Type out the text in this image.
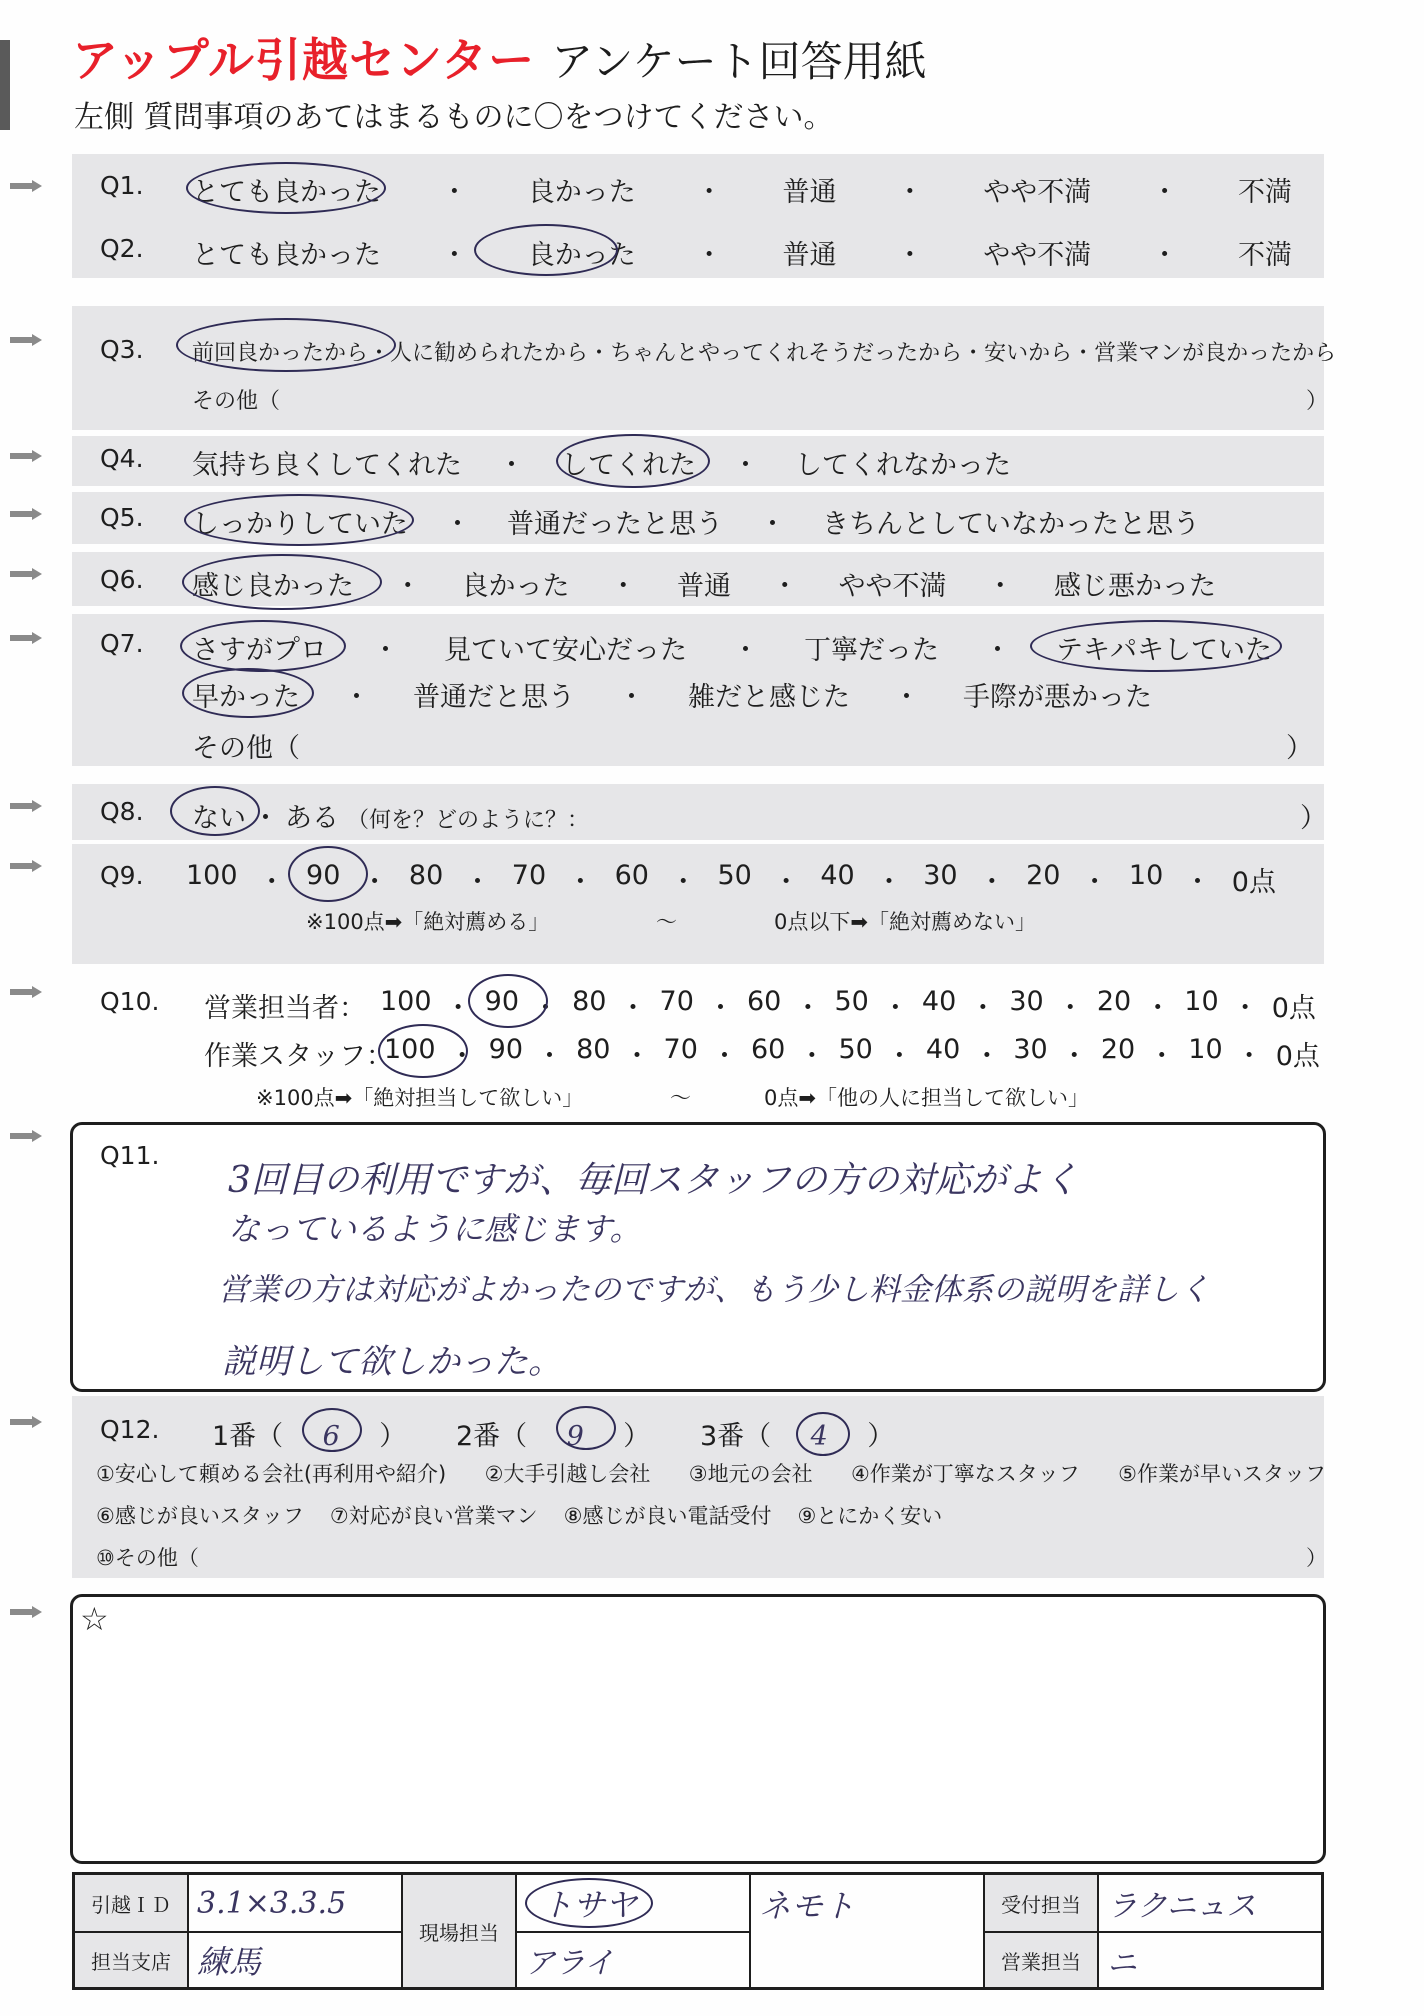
アップル引越センター アンケート回答用紙
左側 質問事項のあてはまるものに〇をつけてください。
Q1. とても良かった ・ 良かった ・ 普通 ・ やや不満 ・ 不満
Q2. とても良かった ・ 良かった ・ 普通 ・ やや不満 ・ 不満
Q3. 前回良かったから・人に勧められたから・ちゃんとやってくれそうだったから・安いから・営業マンが良かったから
その他（	）
Q4. 気持ち良くしてくれた ・ してくれた ・ してくれなかった
Q5. しっかりしていた ・ 普通だったと思う ・ きちんとしていなかったと思う
Q6. 感じ良かった ・ 良かった ・ 普通 ・ やや不満 ・ 感じ悪かった
Q7. さすがプロ ・ 見ていて安心だった ・ 丁寧だった ・ テキパキしていた
早かった ・ 普通だと思う ・ 雑だと感じた ・ 手際が悪かった
その他（	）
Q8. ない ・ ある （何を？どのように？：	）
Q9. 100 ・ 90 ・ 80 ・ 70 ・ 60 ・ 50 ・ 40 ・ 30 ・ 20 ・ 10 ・ 0点
※100点➡「絶対薦める」	～	0点以下➡「絶対薦めない」
Q10. 営業担当者： 100 ・ 90 ・ 80 ・ 70 ・ 60 ・ 50 ・ 40 ・ 30 ・ 20 ・ 10 ・ 0点
作業スタッフ：
100 ・ 90 ・ 80 ・ 70 ・ 60 ・ 50 ・ 40 ・ 30 ・ 20 ・ 10 ・ 0点
※100点➡「絶対担当して欲しい」	～	0点➡「他の人に担当して欲しい」
Q11.
3回目の利用ですが、毎回スタッフの方の対応がよく
なっているように感じます。
営業の方は対応がよかったのですが、もう少し料金体系の説明を詳しく
説明して欲しかった。
Q12. 1番（ 6 ） 2番（ 9 ） 3番（ 4 ）
①安心して頼める会社(再利用や紹介) ②大手引越し会社 ③地元の会社 ④作業が丁寧なスタッフ ⑤作業が早いスタッフ
⑥感じが良いスタッフ ⑦対応が良い営業マン ⑧感じが良い電話受付 ⑨とにかく安い
⑩その他（	）
☆
引越ＩＤ	3.1×3.3.5	現場担当	トサヤ	ネモト	受付担当	ラクニュス
担当支店	練馬		アライ		営業担当	ニ
